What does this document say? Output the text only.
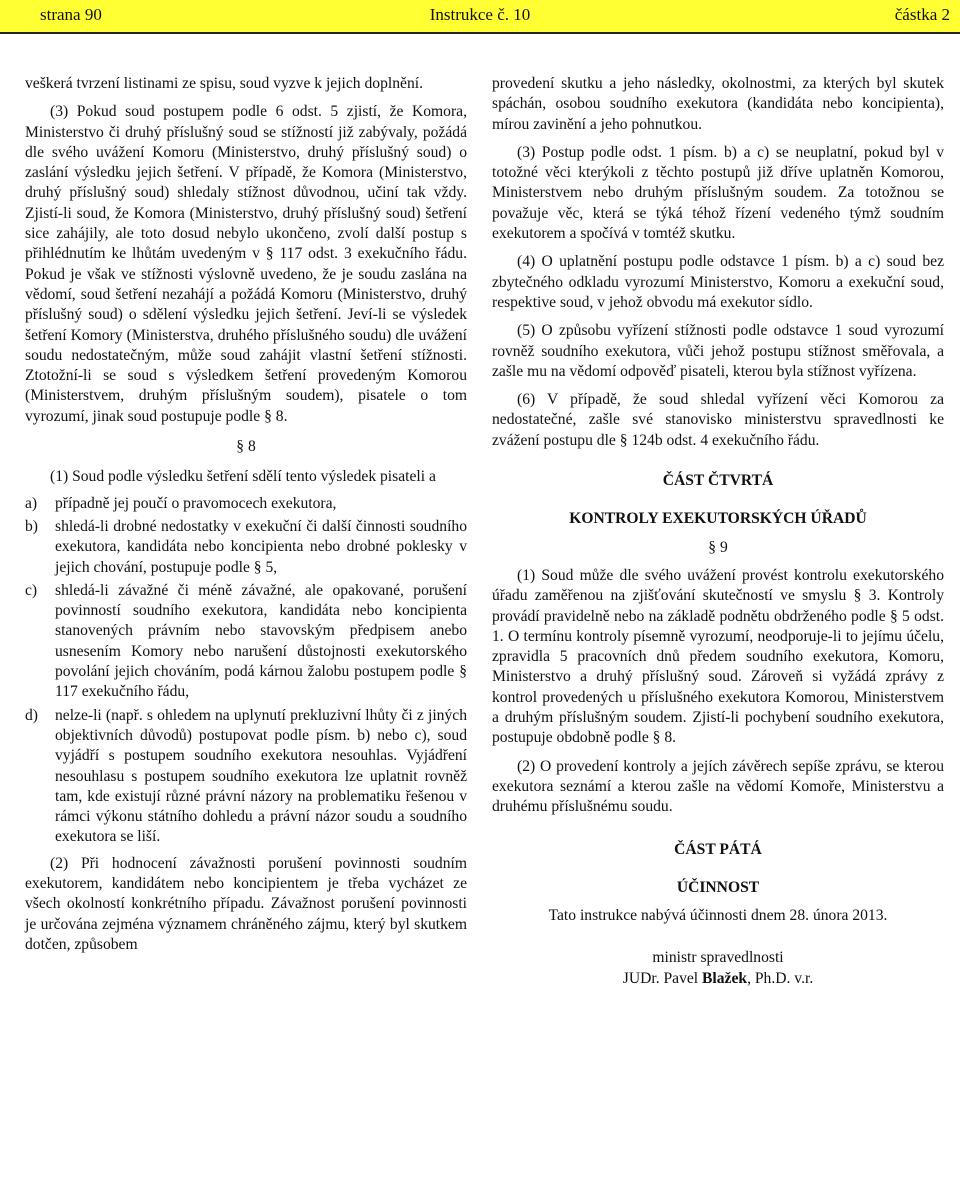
strana 90	Instrukce č. 10	částka 2

veškerá tvrzení listinami ze spisu, soud vyzve k jejich doplnění.

(3) Pokud soud postupem podle 6 odst. 5 zjistí, že Komora, Ministerstvo či druhý příslušný soud se stížností již zabývaly, požádá dle svého uvážení Komoru (Ministerstvo, druhý příslušný soud) o zaslání výsledku jejich šetření. V případě, že Komora (Ministerstvo, druhý příslušný soud) shledaly stížnost důvodnou, učiní tak vždy. Zjistí-li soud, že Komora (Ministerstvo, druhý příslušný soud) šetření sice zahájily, ale toto dosud nebylo ukončeno, zvolí další postup s přihlédnutím ke lhůtám uvedeným v § 117 odst. 3 exekučního řádu. Pokud je však ve stížnosti výslovně uvedeno, že je soudu zaslána na vědomí, soud šetření nezahájí a požádá Komoru (Ministerstvo, druhý příslušný soud) o sdělení výsledku jejich šetření. Jeví-li se výsledek šetření Komory (Ministerstva, druhého příslušného soudu) dle uvážení soudu nedostatečným, může soud zahájit vlastní šetření stížnosti. Ztotožní-li se soud s výsledkem šetření provedeným Komorou (Ministerstvem, druhým příslušným soudem), pisatele o tom vyrozumí, jinak soud postupuje podle § 8.

§ 8

(1) Soud podle výsledku šetření sdělí tento výsledek pisateli a

a)	případně jej poučí o pravomocech exekutora,
b)	shledá-li drobné nedostatky v exekuční či další činnosti soudního exekutora, kandidáta nebo koncipienta nebo drobné poklesky v jejich chování, postupuje podle § 5,
c)	shledá-li závažné či méně závažné, ale opakované, porušení povinností soudního exekutora, kandidáta nebo koncipienta stanovených právním nebo stavovským předpisem anebo usnesením Komory nebo narušení důstojnosti exekutorského povolání jejich chováním, podá kárnou žalobu postupem podle § 117 exekučního řádu,
d)	nelze-li (např. s ohledem na uplynutí prekluzivní lhůty či z jiných objektivních důvodů) postupovat podle písm. b) nebo c), soud vyjádří s postupem soudního exekutora nesouhlas. Vyjádření nesouhlasu s postupem soudního exekutora lze uplatnit rovněž tam, kde existují různé právní názory na problematiku řešenou v rámci výkonu státního dohledu a právní názor soudu a soudního exekutora se liší.

(2) Při hodnocení závažnosti porušení povinnosti soudním exekutorem, kandidátem nebo koncipientem je třeba vycházet ze všech okolností konkrétního případu. Závažnost porušení povinnosti je určována zejména významem chráněného zájmu, který byl skutkem dotčen, způsobem

provedení skutku a jeho následky, okolnostmi, za kterých byl skutek spáchán, osobou soudního exekutora (kandidáta nebo koncipienta), mírou zavinění a jeho pohnutkou.

(3) Postup podle odst. 1 písm. b) a c) se neuplatní, pokud byl v totožné věci kterýkoli z těchto postupů již dříve uplatněn Komorou, Ministerstvem nebo druhým příslušným soudem. Za totožnou se považuje věc, která se týká téhož řízení vedeného týmž soudním exekutorem a spočívá v tomtéž skutku.

(4) O uplatnění postupu podle odstavce 1 písm. b) a c) soud bez zbytečného odkladu vyrozumí Ministerstvo, Komoru a exekuční soud, respektive soud, v jehož obvodu má exekutor sídlo.

(5) O způsobu vyřízení stížnosti podle odstavce 1 soud vyrozumí rovněž soudního exekutora, vůči jehož postupu stížnost směřovala, a zašle mu na vědomí odpověď pisateli, kterou byla stížnost vyřízena.

(6) V případě, že soud shledal vyřízení věci Komorou za nedostatečné, zašle své stanovisko ministerstvu spravedlnosti ke zvážení postupu dle § 124b odst. 4 exekučního řádu.

ČÁST ČTVRTÁ

KONTROLY EXEKUTORSKÝCH ÚŘADŮ

§ 9

(1) Soud může dle svého uvážení provést kontrolu exekutorského úřadu zaměřenou na zjišťování skutečností ve smyslu § 3. Kontroly provádí pravidelně nebo na základě podnětu obdrženého podle § 5 odst. 1. O termínu kontroly písemně vyrozumí, neodporuje-li to jejímu účelu, zpravidla 5 pracovních dnů předem soudního exekutora, Komoru, Ministerstvo a druhý příslušný soud. Zároveň si vyžádá zprávy z kontrol provedených u příslušného exekutora Komorou, Ministerstvem a druhým příslušným soudem. Zjistí-li pochybení soudního exekutora, postupuje obdobně podle § 8.

(2) O provedení kontroly a jejích závěrech sepíše zprávu, se kterou exekutora seznámí a kterou zašle na vědomí Komoře, Ministerstvu a druhému příslušnému soudu.

ČÁST PÁTÁ

ÚČINNOST

Tato instrukce nabývá účinnosti dnem 28. února 2013.

ministr spravedlnosti

JUDr. Pavel Blažek, Ph.D. v.r.
